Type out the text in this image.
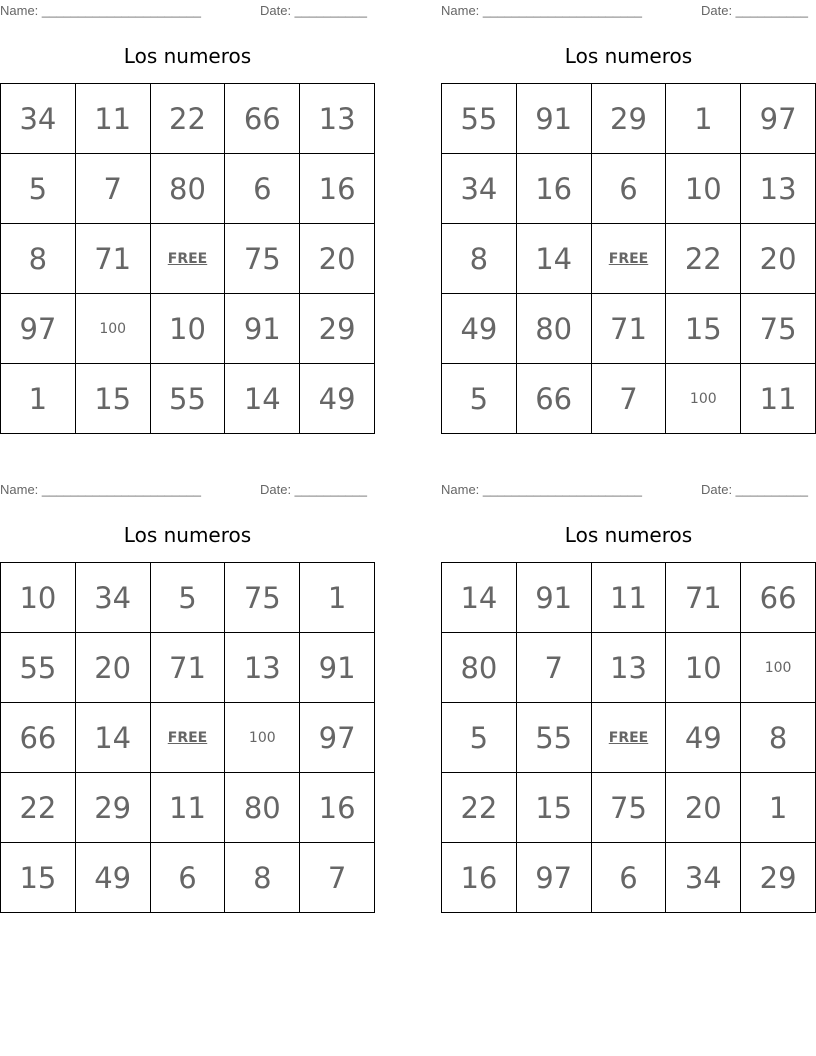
Name: ______________________	Date: __________
Los numeros
34	11	22	66	13
5	7	80	6	16
8	71	FREE	75	20
97	100	10	91	29
1	15	55	14	49
Name: ______________________	Date: __________
Los numeros
55	91	29	1	97
34	16	6	10	13
8	14	FREE	22	20
49	80	71	15	75
5	66	7	100	11
Name: ______________________	Date: __________
Los numeros
10	34	5	75	1
55	20	71	13	91
66	14	FREE	100	97
22	29	11	80	16
15	49	6	8	7
Name: ______________________	Date: __________
Los numeros
14	91	11	71	66
80	7	13	10	100
5	55	FREE	49	8
22	15	75	20	1
16	97	6	34	29
